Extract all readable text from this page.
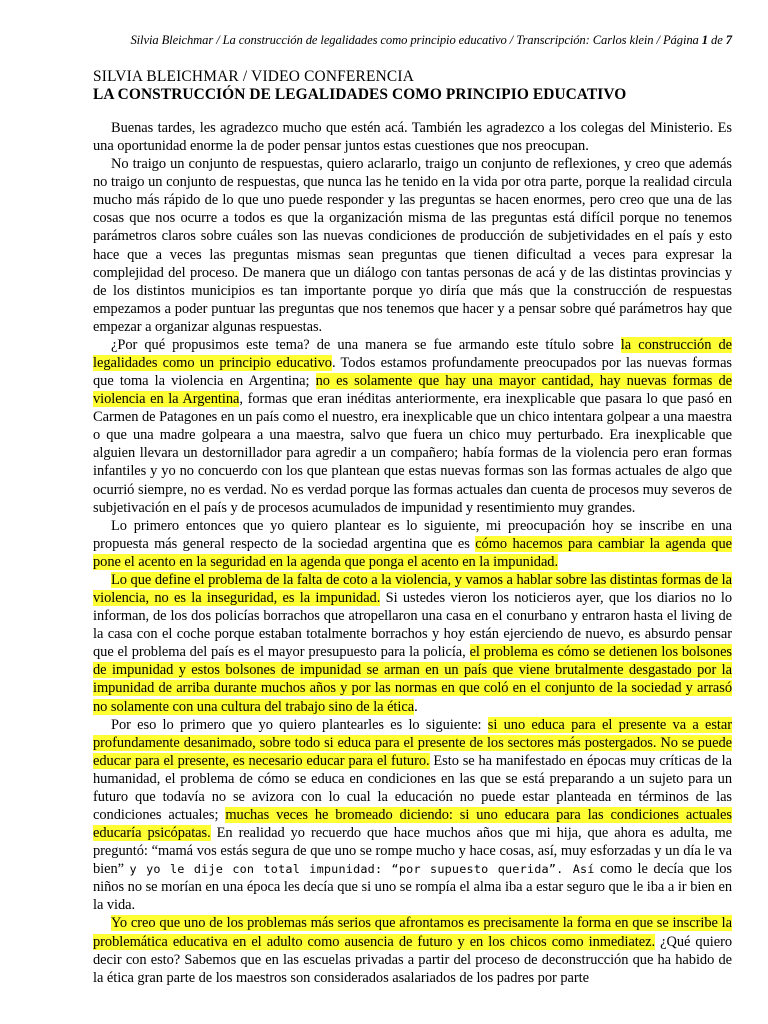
Silvia Bleichmar / La construcción de legalidades como principio educativo / Transcripción: Carlos klein / Página 1 de 7
SILVIA BLEICHMAR / VIDEO CONFERENCIA
LA CONSTRUCCIÓN DE LEGALIDADES COMO PRINCIPIO EDUCATIVO

Buenas tardes, les agradezco mucho que estén acá. También les agradezco a los colegas del Ministerio. Es una oportunidad enorme la de poder pensar juntos estas cuestiones que nos preocupan.

No traigo un conjunto de respuestas, quiero aclararlo, traigo un conjunto de reflexiones, y creo que además no traigo un conjunto de respuestas, que nunca las he tenido en la vida por otra parte, porque la realidad circula mucho más rápido de lo que uno puede responder y las preguntas se hacen enormes, pero creo que una de las cosas que nos ocurre a todos es que la organización misma de las preguntas está difícil porque no tenemos parámetros claros sobre cuáles son las nuevas condiciones de producción de subjetividades en el país y esto hace que a veces las preguntas mismas sean preguntas que tienen dificultad a veces para expresar la complejidad del proceso. De manera que un diálogo con tantas personas de acá y de las distintas provincias y de los distintos municipios es tan importante porque yo diría que más que la construcción de respuestas empezamos a poder puntuar las preguntas que nos tenemos que hacer y a pensar sobre qué parámetros hay que empezar a organizar algunas respuestas.

¿Por qué propusimos este tema? de una manera se fue armando este título sobre la construcción de legalidades como un principio educativo. Todos estamos profundamente preocupados por las nuevas formas que toma la violencia en Argentina; no es solamente que hay una mayor cantidad, hay nuevas formas de violencia en la Argentina, formas que eran inéditas anteriormente, era inexplicable que pasara lo que pasó en Carmen de Patagones en un país como el nuestro, era inexplicable que un chico intentara golpear a una maestra o que una madre golpeara a una maestra, salvo que fuera un chico muy perturbado. Era inexplicable que alguien llevara un destornillador para agredir a un compañero; había formas de la violencia pero eran formas infantiles y yo no concuerdo con los que plantean que estas nuevas formas son las formas actuales de algo que ocurrió siempre, no es verdad. No es verdad porque las formas actuales dan cuenta de procesos muy severos de subjetivación en el país y de procesos acumulados de impunidad y resentimiento muy grandes.

Lo primero entonces que yo quiero plantear es lo siguiente, mi preocupación hoy se inscribe en una propuesta más general respecto de la sociedad argentina que es cómo hacemos para cambiar la agenda que pone el acento en la seguridad en la agenda que ponga el acento en la impunidad.

Lo que define el problema de la falta de coto a la violencia, y vamos a hablar sobre las distintas formas de la violencia, no es la inseguridad, es la impunidad. Si ustedes vieron los noticieros ayer, que los diarios no lo informan, de los dos policías borrachos que atropellaron una casa en el conurbano y entraron hasta el living de la casa con el coche porque estaban totalmente borrachos y hoy están ejerciendo de nuevo, es absurdo pensar que el problema del país es el mayor presupuesto para la policía, el problema es cómo se detienen los bolsones de impunidad y estos bolsones de impunidad se arman en un país que viene brutalmente desgastado por la impunidad de arriba durante muchos años y por las normas en que coló en el conjunto de la sociedad y arrasó no solamente con una cultura del trabajo sino de la ética.

Por eso lo primero que yo quiero plantearles es lo siguiente: si uno educa para el presente va a estar profundamente desanimado, sobre todo si educa para el presente de los sectores más postergados. No se puede educar para el presente, es necesario educar para el futuro. Esto se ha manifestado en épocas muy críticas de la humanidad, el problema de cómo se educa en condiciones en las que se está preparando a un sujeto para un futuro que todavía no se avizora con lo cual la educación no puede estar planteada en términos de las condiciones actuales; muchas veces he bromeado diciendo: si uno educara para las condiciones actuales educaría psicópatas. En realidad yo recuerdo que hace muchos años que mi hija, que ahora es adulta, me preguntó: “mamá vos estás segura de que uno se rompe mucho y hace cosas, así, muy esforzadas y un día le va bien” y yo le dije con total impunidad: “por supuesto querida”. Así como le decía que los niños no se morían en una época les decía que si uno se rompía el alma iba a estar seguro que le iba a ir bien en la vida.

Yo creo que uno de los problemas más serios que afrontamos es precisamente la forma en que se inscribe la problemática educativa en el adulto como ausencia de futuro y en los chicos como inmediatez. ¿Qué quiero decir con esto? Sabemos que en las escuelas privadas a partir del proceso de deconstrucción que ha habido de la ética gran parte de los maestros son considerados asalariados de los padres por parte
